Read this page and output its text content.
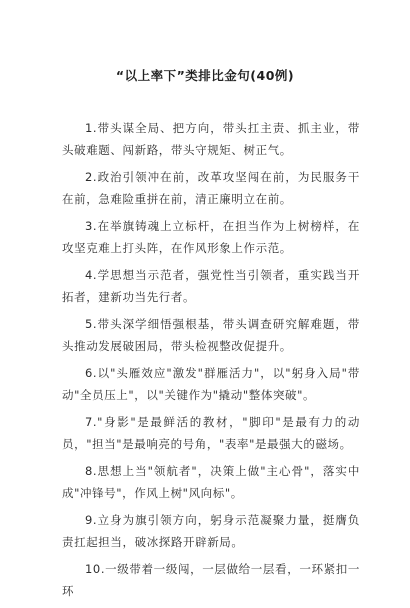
“以上率下”类排比金句(40例)

1.带头谋全局、把方向，带头扛主责、抓主业，带头破难题、闯新路，带头守规矩、树正气。

2.政治引领冲在前，改革攻坚闯在前，为民服务干在前，急难险重拼在前，清正廉明立在前。

3.在举旗铸魂上立标杆，在担当作为上树榜样，在攻坚克难上打头阵，在作风形象上作示范。

4.学思想当示范者，强党性当引领者，重实践当开拓者，建新功当先行者。

5.带头深学细悟强根基，带头调查研究解难题，带头推动发展破困局，带头检视整改促提升。

6.以"头雁效应"激发"群雁活力"，以"躬身入局"带动"全员压上"，以"关键作为"撬动"整体突破"。

7."身影"是最鲜活的教材，"脚印"是最有力的动员，"担当"是最响亮的号角，"表率"是最强大的磁场。

8.思想上当"领航者"，决策上做"主心骨"，落实中成"冲锋号"，作风上树"风向标"。

9.立身为旗引领方向，躬身示范凝聚力量，挺膺负责扛起担当，破冰探路开辟新局。

10.一级带着一级闯，一层做给一层看，一环紧扣一环
